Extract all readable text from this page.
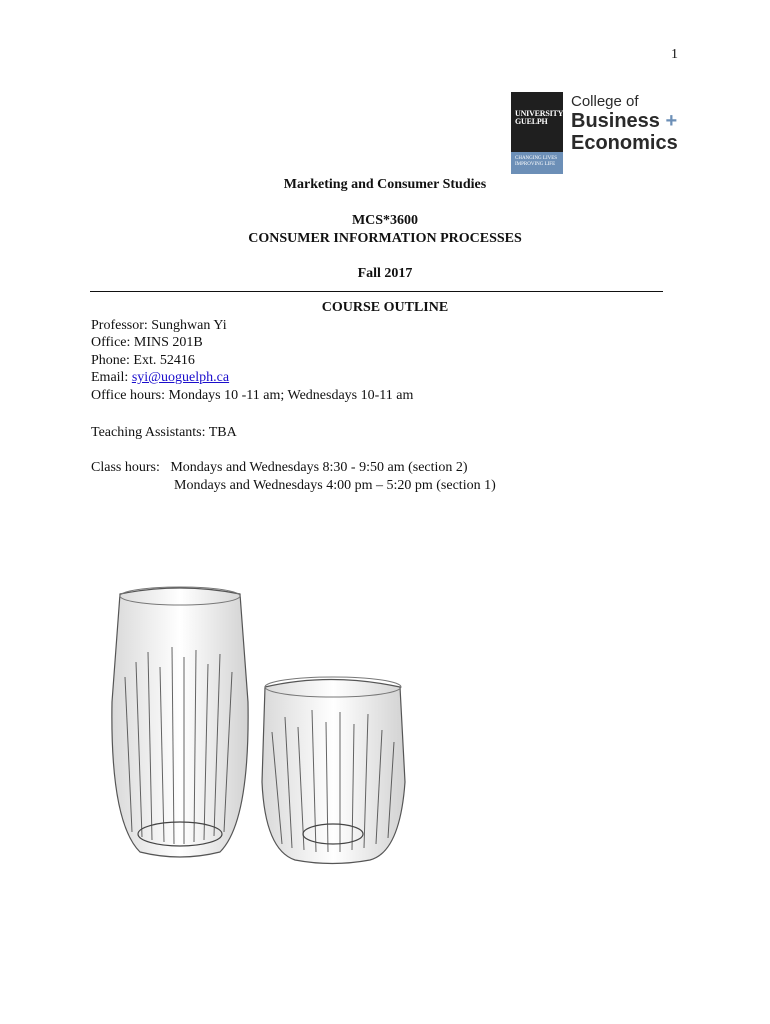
1
UNIVERSITY
GUELPH
CHANGING LIVES
IMPROVING LIFE
College of
Business +
Economics
Marketing and Consumer Studies
MCS*3600
CONSUMER INFORMATION PROCESSES
Fall 2017
COURSE OUTLINE
Professor: Sunghwan Yi
Office: MINS 201B
Phone: Ext. 52416
Email: syi@uoguelph.ca
Office hours: Mondays 10 -11 am; Wednesdays 10-11 am
Teaching Assistants: TBA
Class hours:   Mondays and Wednesdays 8:30 - 9:50 am (section 2)
Mondays and Wednesdays 4:00 pm – 5:20 pm (section 1)
